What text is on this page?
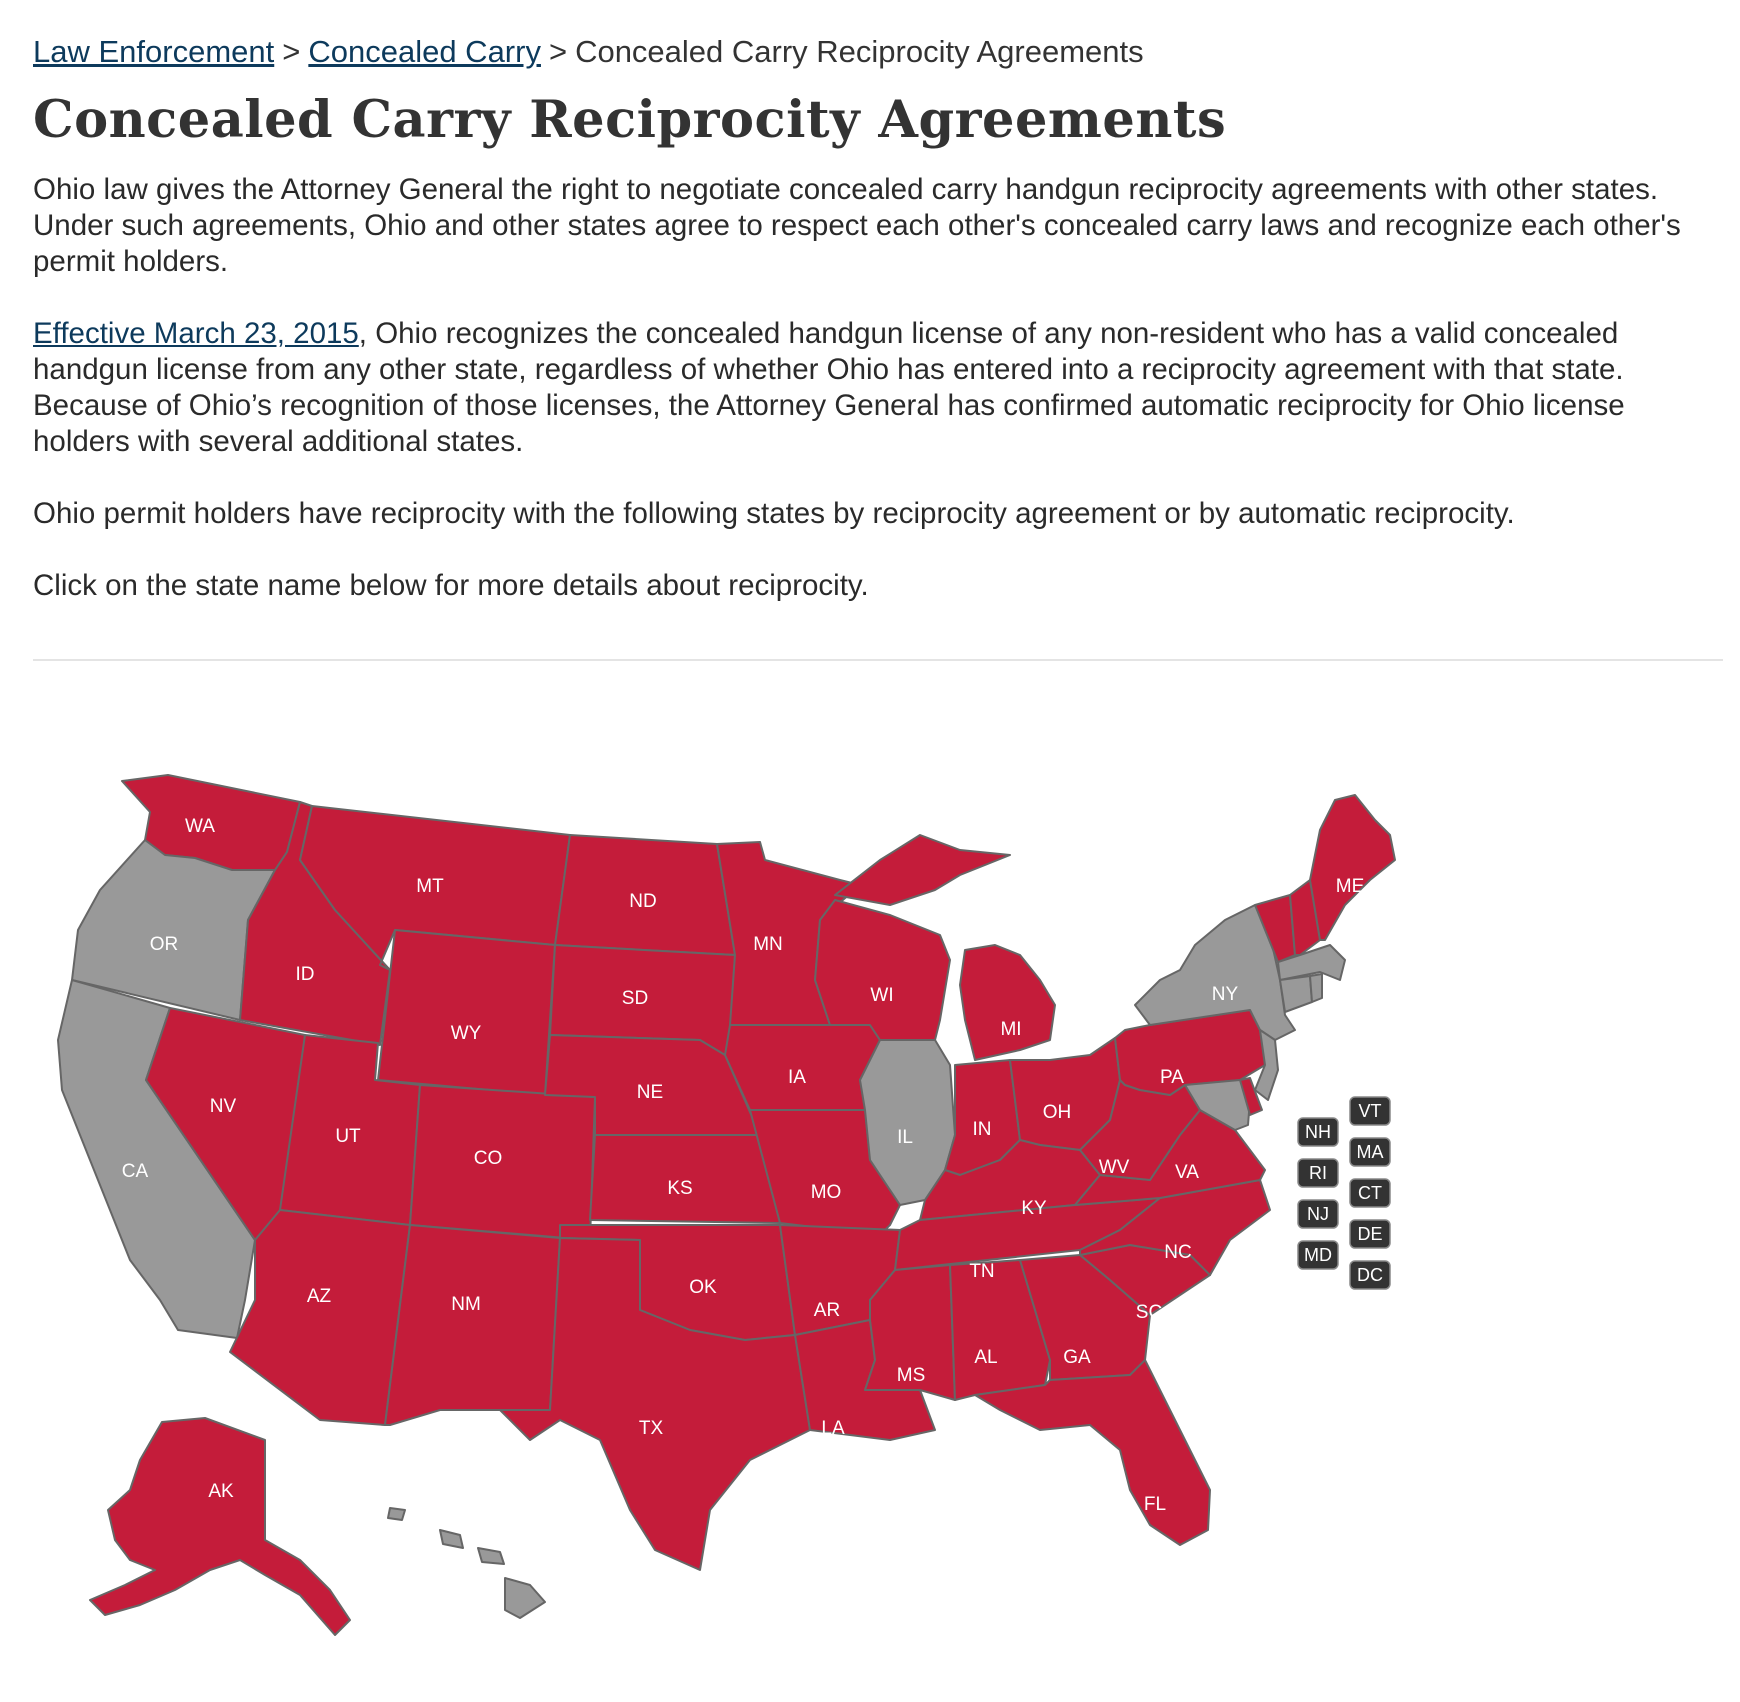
Law Enforcement > Concealed Carry > Concealed Carry Reciprocity Agreements
Concealed Carry Reciprocity Agreements

Ohio law gives the Attorney General the right to negotiate concealed carry handgun reciprocity agreements with other states. Under such agreements, Ohio and other states agree to respect each other's concealed carry laws and recognize each other's permit holders.

Effective March 23, 2015, Ohio recognizes the concealed handgun license of any non-resident who has a valid concealed handgun license from any other state, regardless of whether Ohio has entered into a reciprocity agreement with that state. Because of Ohio’s recognition of those licenses, the Attorney General has confirmed automatic reciprocity for Ohio license holders with several additional states.

Ohio permit holders have reciprocity with the following states by reciprocity agreement or by automatic reciprocity.

Click on the state name below for more details about reciprocity.

WA
OR
CA
ID
MT
ND
SD
WY
NV
UT
CO
AZ	NM
NE
KS
OK
TX
MN
IA
MO
AR
LA
WI
IL
MI
IN
OH
KY
TN
MS
AL	GA
FL
SC
NC
VA
WV
PA
NY
ME
AK
NH
RI
NJ
MD
VT
MA
CT
DE
DC
